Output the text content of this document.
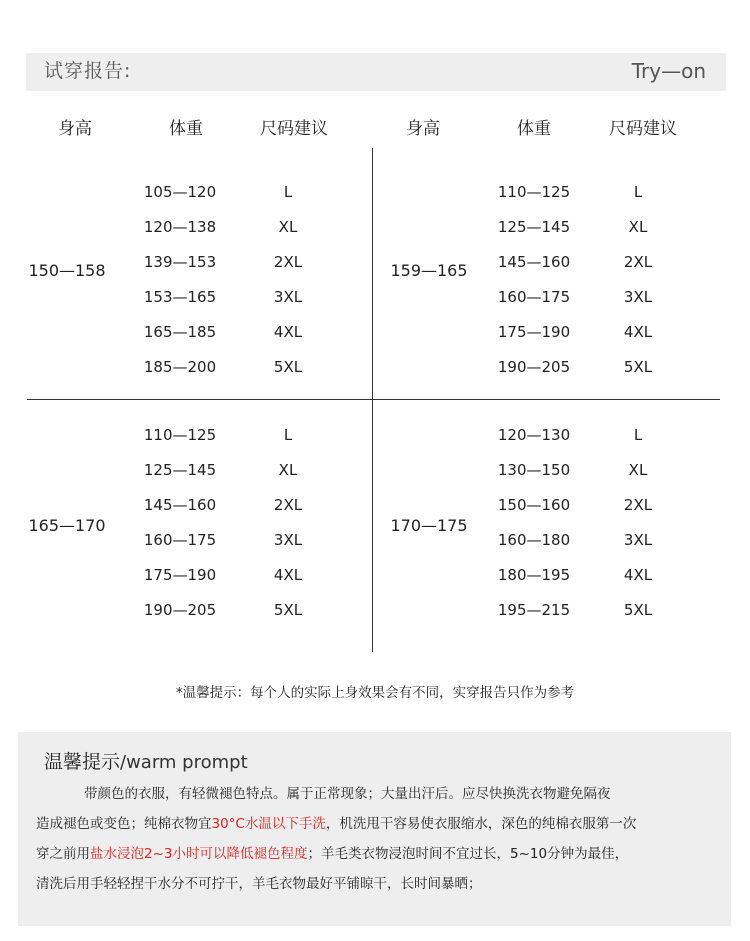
试穿报告:	Try—on
身高	体重	尺码建议	身高	体重	尺码建议
150—158
105—120	L
120—138	XL
139—153	2XL
153—165	3XL
165—185	4XL
185—200	5XL
159—165
110—125	L
125—145	XL
145—160	2XL
160—175	3XL
175—190	4XL
190—205	5XL
165—170
110—125	L
125—145	XL
145—160	2XL
160—175	3XL
175—190	4XL
190—205	5XL
170—175
120—130	L
130—150	XL
150—160	2XL
160—180	3XL
180—195	4XL
195—215	5XL
*温馨提示：每个人的实际上身效果会有不同，实穿报告只作为参考
温馨提示/warm prompt
带颜色的衣服，有轻微褪色特点。属于正常现象；大量出汗后。应尽快换洗衣物避免隔夜
造成褪色或变色；纯棉衣物宜30°C水温以下手洗，机洗甩干容易使衣服缩水，深色的纯棉衣服第一次
穿之前用盐水浸泡2~3小时可以降低褪色程度；羊毛类衣物浸泡时间不宜过长，5~10分钟为最佳，
清洗后用手轻轻捏干水分不可拧干，羊毛衣物最好平铺晾干，长时间暴晒；
